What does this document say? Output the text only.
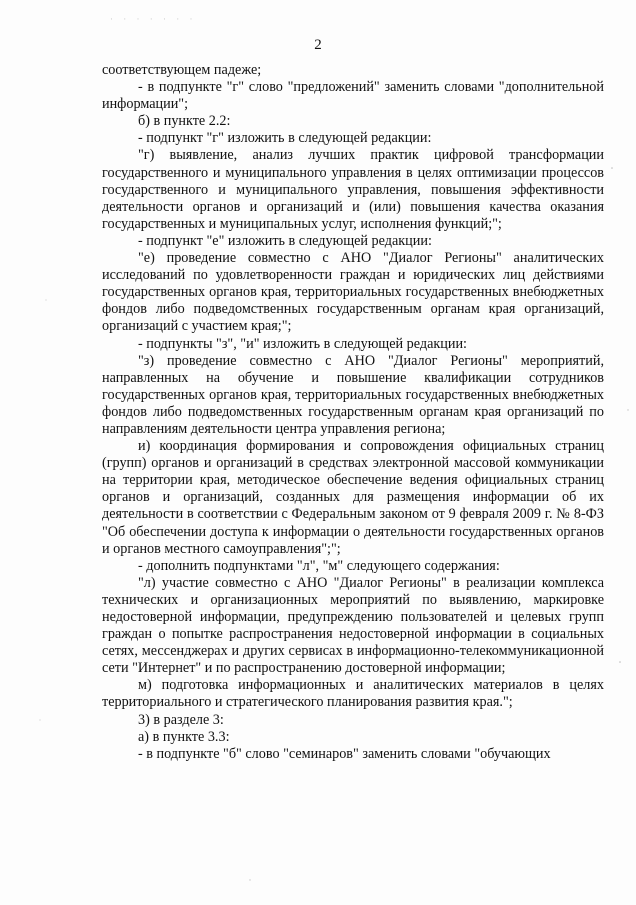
· · · · · · ·
2

соответствующем падеже;

- в подпункте "г" слово "предложений" заменить словами "дополнительной информации";

б) в пункте 2.2:

- подпункт "г" изложить в следующей редакции:

"г) выявление, анализ лучших практик цифровой трансформации государственного и муниципального управления в целях оптимизации процессов государственного и муниципального управления, повышения эффективности деятельности органов и организаций и (или) повышения качества оказания государственных и муниципальных услуг, исполнения функций;";

- подпункт "е" изложить в следующей редакции:

"е) проведение совместно с АНО "Диалог Регионы" аналитических исследований по удовлетворенности граждан и юридических лиц действиями государственных органов края, территориальных государственных внебюджетных фондов либо подведомственных государственным органам края организаций, организаций с участием края;";

- подпункты "з", "и" изложить в следующей редакции:

"з) проведение совместно с АНО "Диалог Регионы" мероприятий, направленных на обучение и повышение квалификации сотрудников государственных органов края, территориальных государственных внебюджетных фондов либо подведомственных государственным органам края организаций по направлениям деятельности центра управления региона;

и) координация формирования и сопровождения официальных страниц (групп) органов и организаций в средствах электронной массовой коммуникации на территории края, методическое обеспечение ведения официальных страниц органов и организаций, созданных для размещения информации об их деятельности в соответствии с Федеральным законом от 9 февраля 2009 г. № 8-ФЗ "Об обеспечении доступа к информации о деятельности государственных органов и органов местного самоуправления";";

- дополнить подпунктами "л", "м" следующего содержания:

"л) участие совместно с АНО "Диалог Регионы" в реализации комплекса технических и организационных мероприятий по выявлению, маркировке недостоверной информации, предупреждению пользователей и целевых групп граждан о попытке распространения недостоверной информации в социальных сетях, мессенджерах и других сервисах в информационно-телекоммуникационной сети "Интернет" и по распространению достоверной информации;

м) подготовка информационных и аналитических материалов в целях территориального и стратегического планирования развития края.";

3) в разделе 3:

а) в пункте 3.3:

- в подпункте "б" слово "семинаров" заменить словами "обучающих
